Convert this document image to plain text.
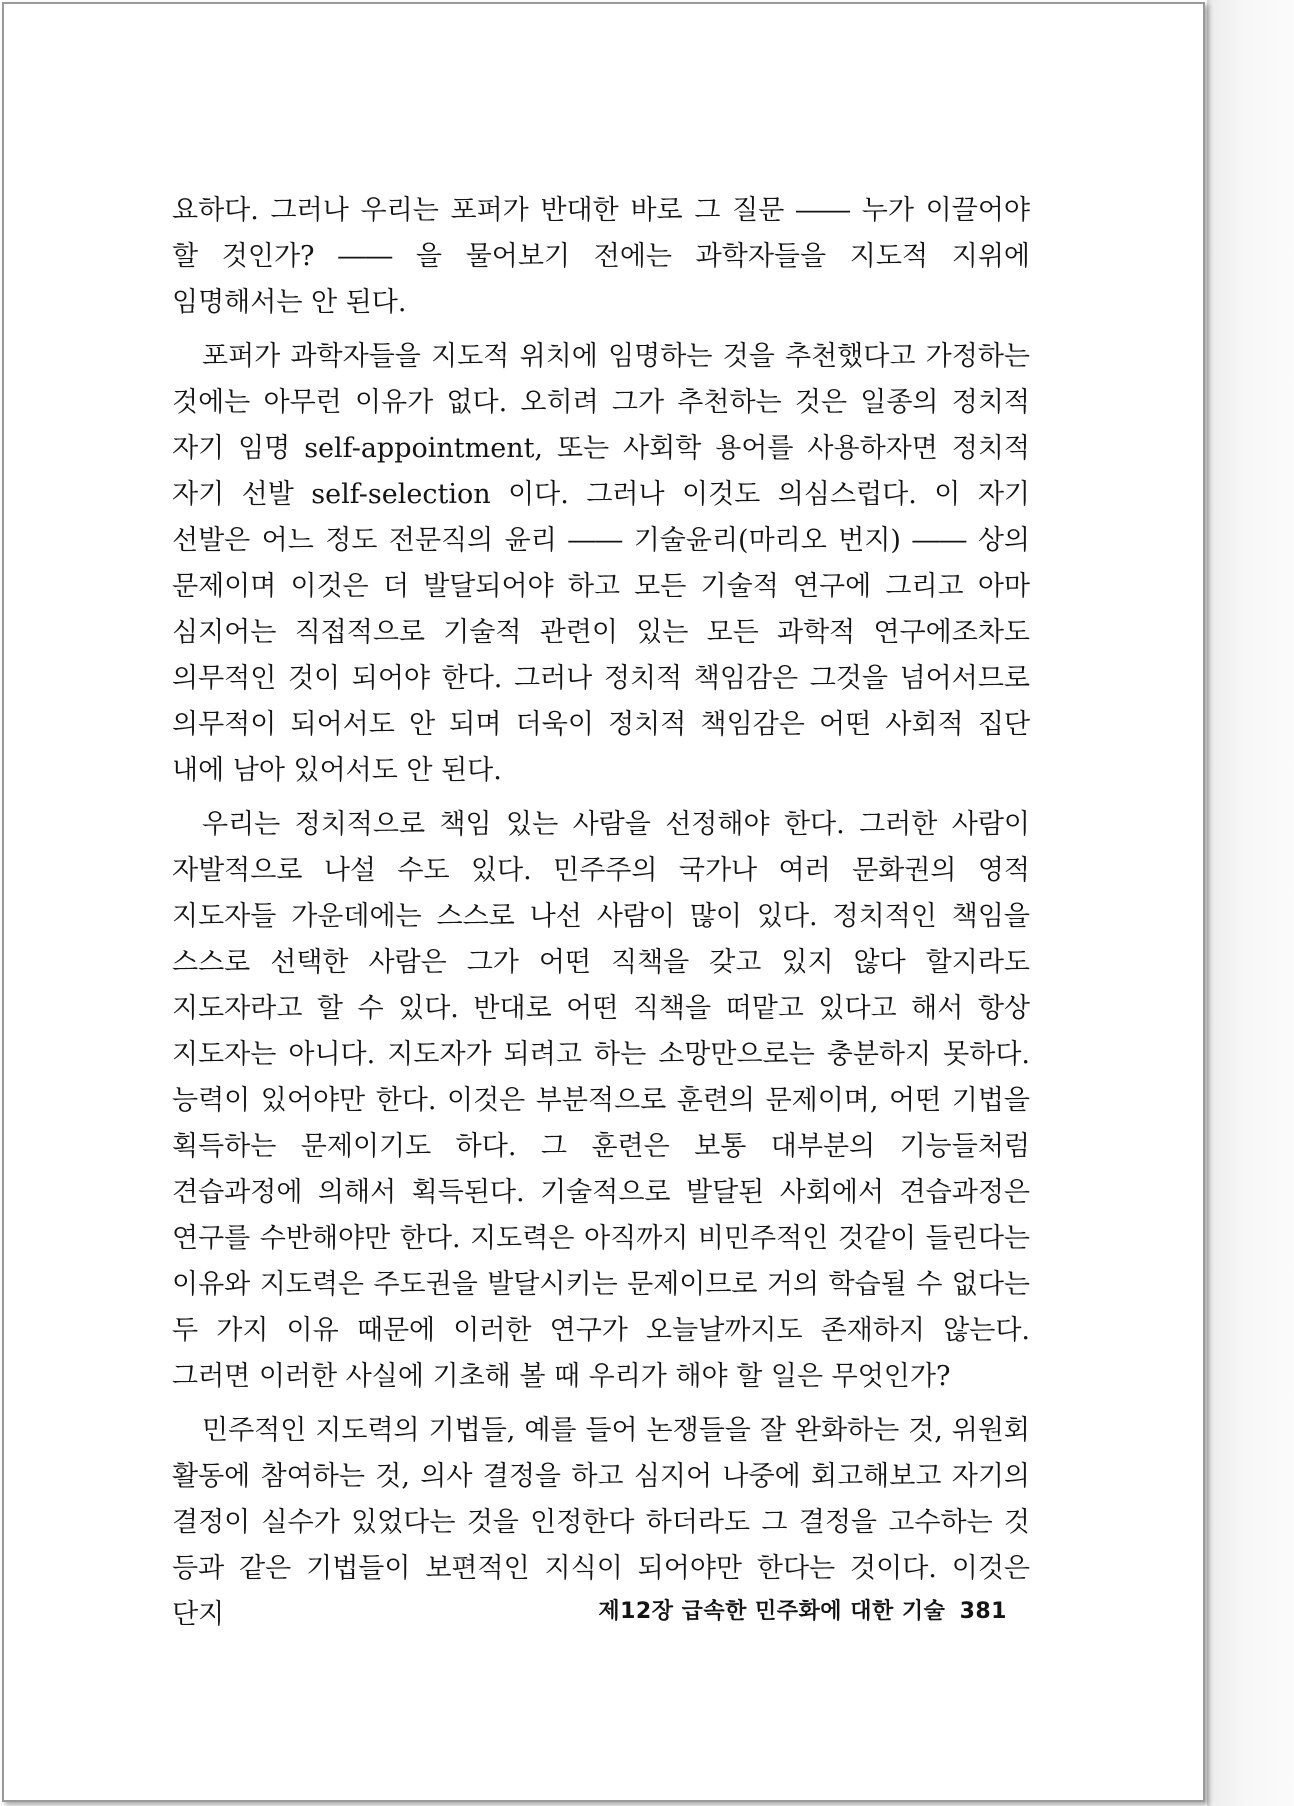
요하다. 그러나 우리는 포퍼가 반대한 바로 그 질문 ―― 누가 이끌어야 할 것인가? ―― 을 물어보기 전에는 과학자들을 지도적 지위에 임명해서는 안 된다.

포퍼가 과학자들을 지도적 위치에 임명하는 것을 추천했다고 가정하는 것에는 아무런 이유가 없다. 오히려 그가 추천하는 것은 일종의 정치적 자기 임명 self-appointment, 또는 사회학 용어를 사용하자면 정치적 자기 선발 self-selection 이다. 그러나 이것도 의심스럽다. 이 자기 선발은 어느 정도 전문직의 윤리 ―― 기술윤리(마리오 번지) ―― 상의 문제이며 이것은 더 발달되어야 하고 모든 기술적 연구에 그리고 아마 심지어는 직접적으로 기술적 관련이 있는 모든 과학적 연구에조차도 의무적인 것이 되어야 한다. 그러나 정치적 책임감은 그것을 넘어서므로 의무적이 되어서도 안 되며 더욱이 정치적 책임감은 어떤 사회적 집단 내에 남아 있어서도 안 된다.

우리는 정치적으로 책임 있는 사람을 선정해야 한다. 그러한 사람이 자발적으로 나설 수도 있다. 민주주의 국가나 여러 문화권의 영적 지도자들 가운데에는 스스로 나선 사람이 많이 있다. 정치적인 책임을 스스로 선택한 사람은 그가 어떤 직책을 갖고 있지 않다 할지라도 지도자라고 할 수 있다. 반대로 어떤 직책을 떠맡고 있다고 해서 항상 지도자는 아니다. 지도자가 되려고 하는 소망만으로는 충분하지 못하다. 능력이 있어야만 한다. 이것은 부분적으로 훈련의 문제이며, 어떤 기법을 획득하는 문제이기도 하다. 그 훈련은 보통 대부분의 기능들처럼 견습과정에 의해서 획득된다. 기술적으로 발달된 사회에서 견습과정은 연구를 수반해야만 한다. 지도력은 아직까지 비민주적인 것같이 들린다는 이유와 지도력은 주도권을 발달시키는 문제이므로 거의 학습될 수 없다는 두 가지 이유 때문에 이러한 연구가 오늘날까지도 존재하지 않는다. 그러면 이러한 사실에 기초해 볼 때 우리가 해야 할 일은 무엇인가?

민주적인 지도력의 기법들, 예를 들어 논쟁들을 잘 완화하는 것, 위원회 활동에 참여하는 것, 의사 결정을 하고 심지어 나중에 회고해보고 자기의 결정이 실수가 있었다는 것을 인정한다 하더라도 그 결정을 고수하는 것 등과 같은 기법들이 보편적인 지식이 되어야만 한다는 것이다. 이것은 단지	제12장 급속한 민주화에 대한 기술 381
